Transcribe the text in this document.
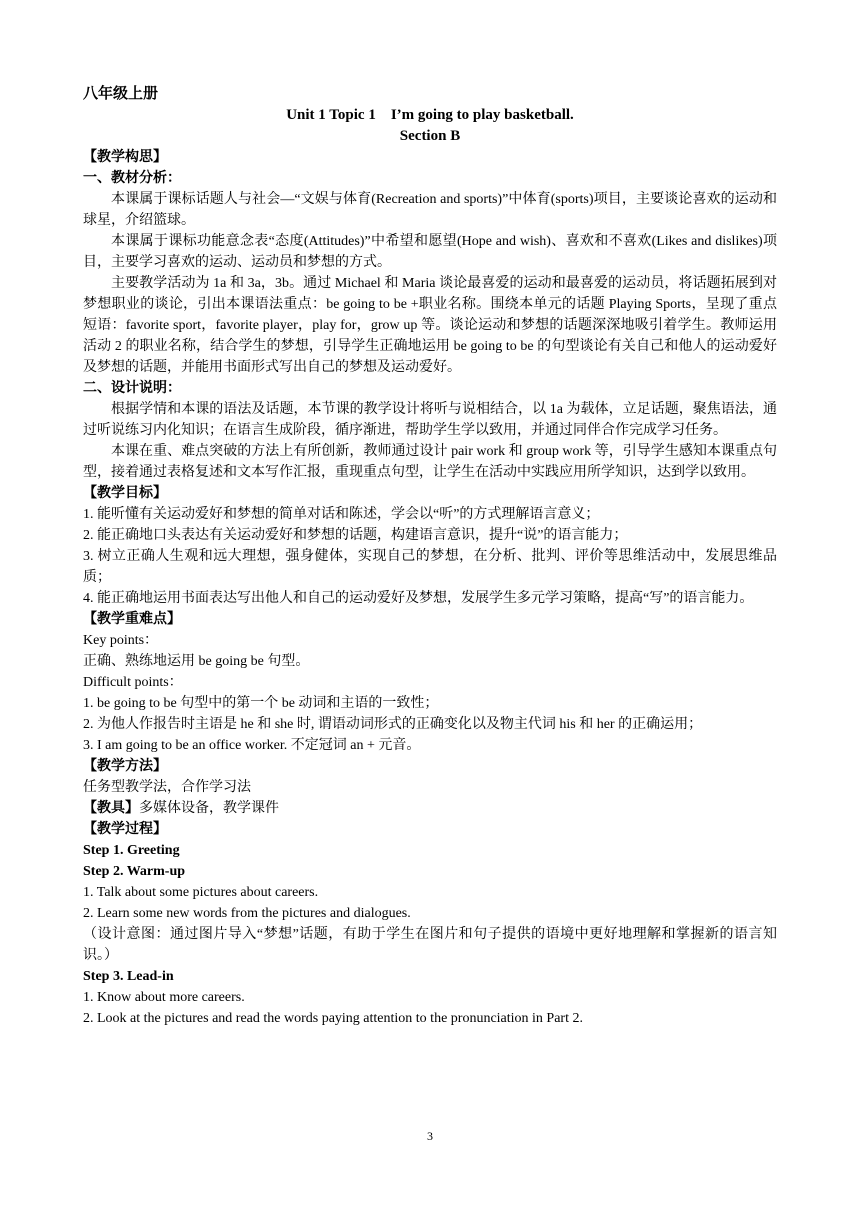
八年级上册
Unit 1 Topic 1 I’m going to play basketball.
Section B
【教学构思】
一、教材分析：

本课属于课标话题人与社会—“文娱与体育(Recreation and sports)”中体育(sports)项目，主要谈论喜欢的运动和球星，介绍篮球。

本课属于课标功能意念表“态度(Attitudes)”中希望和愿望(Hope and wish)、喜欢和不喜欢(Likes and dislikes)项目，主要学习喜欢的运动、运动员和梦想的方式。

主要教学活动为 1a 和 3a，3b。通过 Michael 和 Maria 谈论最喜爱的运动和最喜爱的运动员，将话题拓展到对梦想职业的谈论，引出本课语法重点：be going to be +职业名称。围绕本单元的话题 Playing Sports，呈现了重点短语：favorite sport，favorite player，play for，grow up 等。谈论运动和梦想的话题深深地吸引着学生。教师运用活动 2 的职业名称，结合学生的梦想，引导学生正确地运用 be going to be 的句型谈论有关自己和他人的运动爱好及梦想的话题，并能用书面形式写出自己的梦想及运动爱好。

二、设计说明：

根据学情和本课的语法及话题，本节课的教学设计将听与说相结合，以 1a 为载体，立足话题，聚焦语法，通过听说练习内化知识；在语言生成阶段，循序渐进，帮助学生学以致用，并通过同伴合作完成学习任务。

本课在重、难点突破的方法上有所创新，教师通过设计 pair work 和 group work 等，引导学生感知本课重点句型，接着通过表格复述和文本写作汇报，重现重点句型，让学生在活动中实践应用所学知识，达到学以致用。

【教学目标】

1. 能听懂有关运动爱好和梦想的简单对话和陈述，学会以“听”的方式理解语言意义；

2. 能正确地口头表达有关运动爱好和梦想的话题，构建语言意识，提升“说”的语言能力；

3. 树立正确人生观和远大理想，强身健体，实现自己的梦想，在分析、批判、评价等思维活动中，发展思维品质；

4. 能正确地运用书面表达写出他人和自己的运动爱好及梦想，发展学生多元学习策略，提高“写”的语言能力。

【教学重难点】
Key points：
正确、熟练地运用 be going be 句型。
Difficult points：
1. be going to be 句型中的第一个 be 动词和主语的一致性；
2. 为他人作报告时主语是 he 和 she 时, 谓语动词形式的正确变化以及物主代词 his 和 her 的正确运用；
3. I am going to be an office worker. 不定冠词 an + 元音。
【教学方法】
任务型教学法，合作学习法
【教具】多媒体设备，教学课件
【教学过程】
Step 1. Greeting
Step 2. Warm-up
1. Talk about some pictures about careers.
2. Learn some new words from the pictures and dialogues.

（设计意图：通过图片导入“梦想”话题，有助于学生在图片和句子提供的语境中更好地理解和掌握新的语言知识。）

Step 3. Lead-in
1. Know about more careers.
2. Look at the pictures and read the words paying attention to the pronunciation in Part 2.
3
